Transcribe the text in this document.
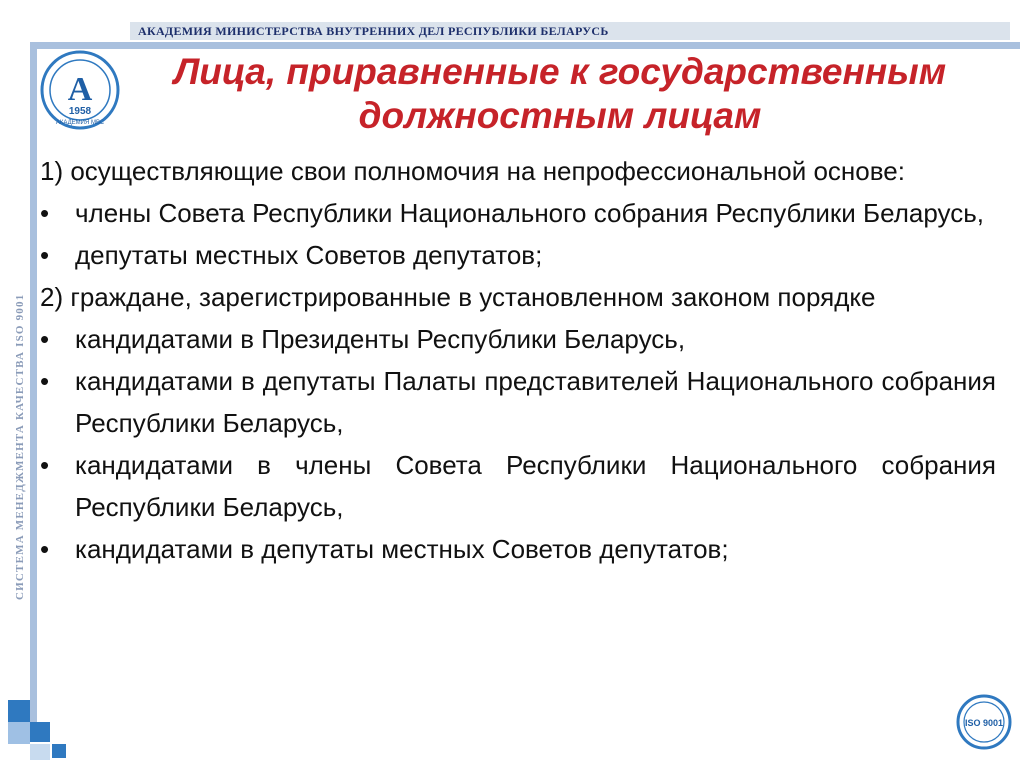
АКАДЕМИЯ МИНИСТЕРСТВА ВНУТРЕННИХ ДЕЛ РЕСПУБЛИКИ БЕЛАРУСЬ
СИСТЕМА МЕНЕДЖМЕНТА КАЧЕСТВА ISO 9001
A
1958
АКАДЕМИЯ МВС
Лица, приравненные к государственным должностным лицам

1) осуществляющие свои полномочия на непрофессиональной основе:

• члены Совета Республики Национального собрания Республики Беларусь,
• депутаты местных Советов депутатов;

2) граждане, зарегистрированные в установленном законом порядке

• кандидатами в Президенты Республики Беларусь,
• кандидатами в депутаты Палаты представителей Национального собрания Республики Беларусь,
• кандидатами в члены Совета Республики Национального собрания Республики Беларусь,
• кандидатами в депутаты местных Советов депутатов;
ISO 9001
